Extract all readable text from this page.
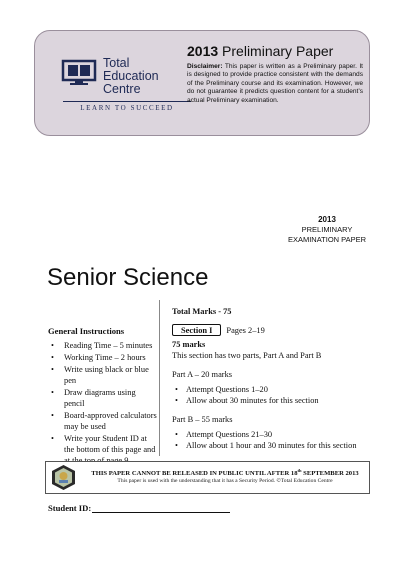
Total
Education
Centre
LEARN TO SUCCEED
2013 Preliminary Paper
Disclaimer: This paper is written as a Preliminary paper. It is designed to provide practice consistent with the demands of the Preliminary course and its examination. However, we do not guarantee it predicts question content for a student’s actual Preliminary examination.
2013
PRELIMINARY
EXAMINATION PAPER
Senior Science
General Instructions
• Reading Time – 5 minutes
• Working Time – 2 hours
• Write using black or blue pen
• Draw diagrams using pencil
• Board-approved calculators may be used
• Write your Student ID at the bottom of this page and
Total Marks - 75
Section I	Pages 2–19
75 marks
This section has two parts, Part A and Part B
Part A – 20 marks
• Attempt Questions 1–20
• Allow about 30 minutes for this section
Part B – 55 marks
• Attempt Questions 21–30
• Allow about 1 hour and 30 minutes for this section
THIS PAPER CANNOT BE RELEASED IN PUBLIC UNTIL AFTER 18th SEPTEMBER 2013
This paper is used with the understanding that it has a Security Period. ©Total Education Centre
Student ID:
